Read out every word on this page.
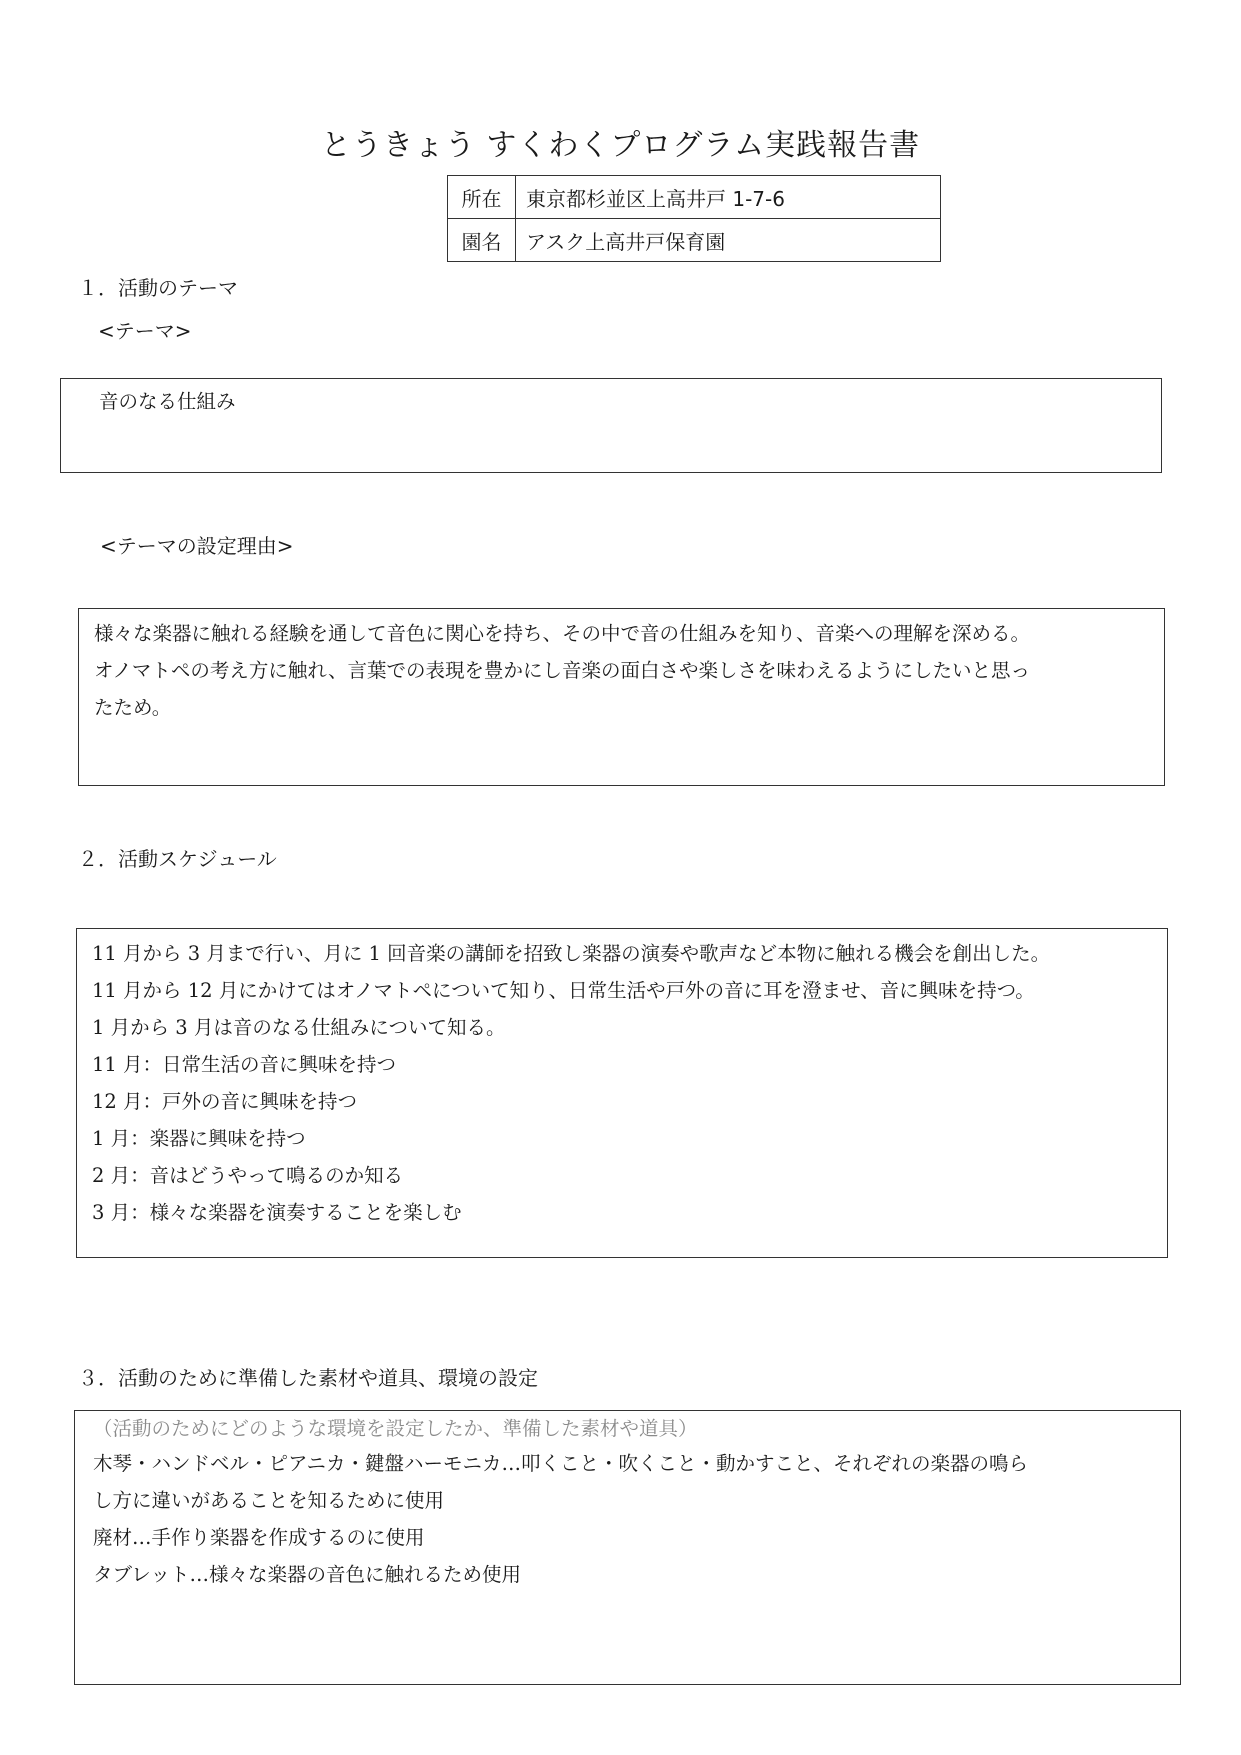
とうきょう すくわくプログラム実践報告書
所在	東京都杉並区上高井戸 1-7-6
園名	アスク上高井戸保育園
１．活動のテーマ
<テーマ>
音のなる仕組み
<テーマの設定理由>
様々な楽器に触れる経験を通して音色に関心を持ち、その中で音の仕組みを知り、音楽への理解を深める。
オノマトペの考え方に触れ、言葉での表現を豊かにし音楽の面白さや楽しさを味わえるようにしたいと思っ
たため。
２．活動スケジュール
11 月から 3 月まで行い、月に 1 回音楽の講師を招致し楽器の演奏や歌声など本物に触れる機会を創出した。
11 月から 12 月にかけてはオノマトペについて知り、日常生活や戸外の音に耳を澄ませ、音に興味を持つ。
1 月から 3 月は音のなる仕組みについて知る。
11 月：日常生活の音に興味を持つ
12 月：戸外の音に興味を持つ
1 月：楽器に興味を持つ
2 月：音はどうやって鳴るのか知る
3 月：様々な楽器を演奏することを楽しむ
３．活動のために準備した素材や道具、環境の設定
（活動のためにどのような環境を設定したか、準備した素材や道具）
木琴・ハンドベル・ピアニカ・鍵盤ハーモニカ…叩くこと・吹くこと・動かすこと、それぞれの楽器の鳴ら
し方に違いがあることを知るために使用
廃材…手作り楽器を作成するのに使用
タブレット…様々な楽器の音色に触れるため使用
